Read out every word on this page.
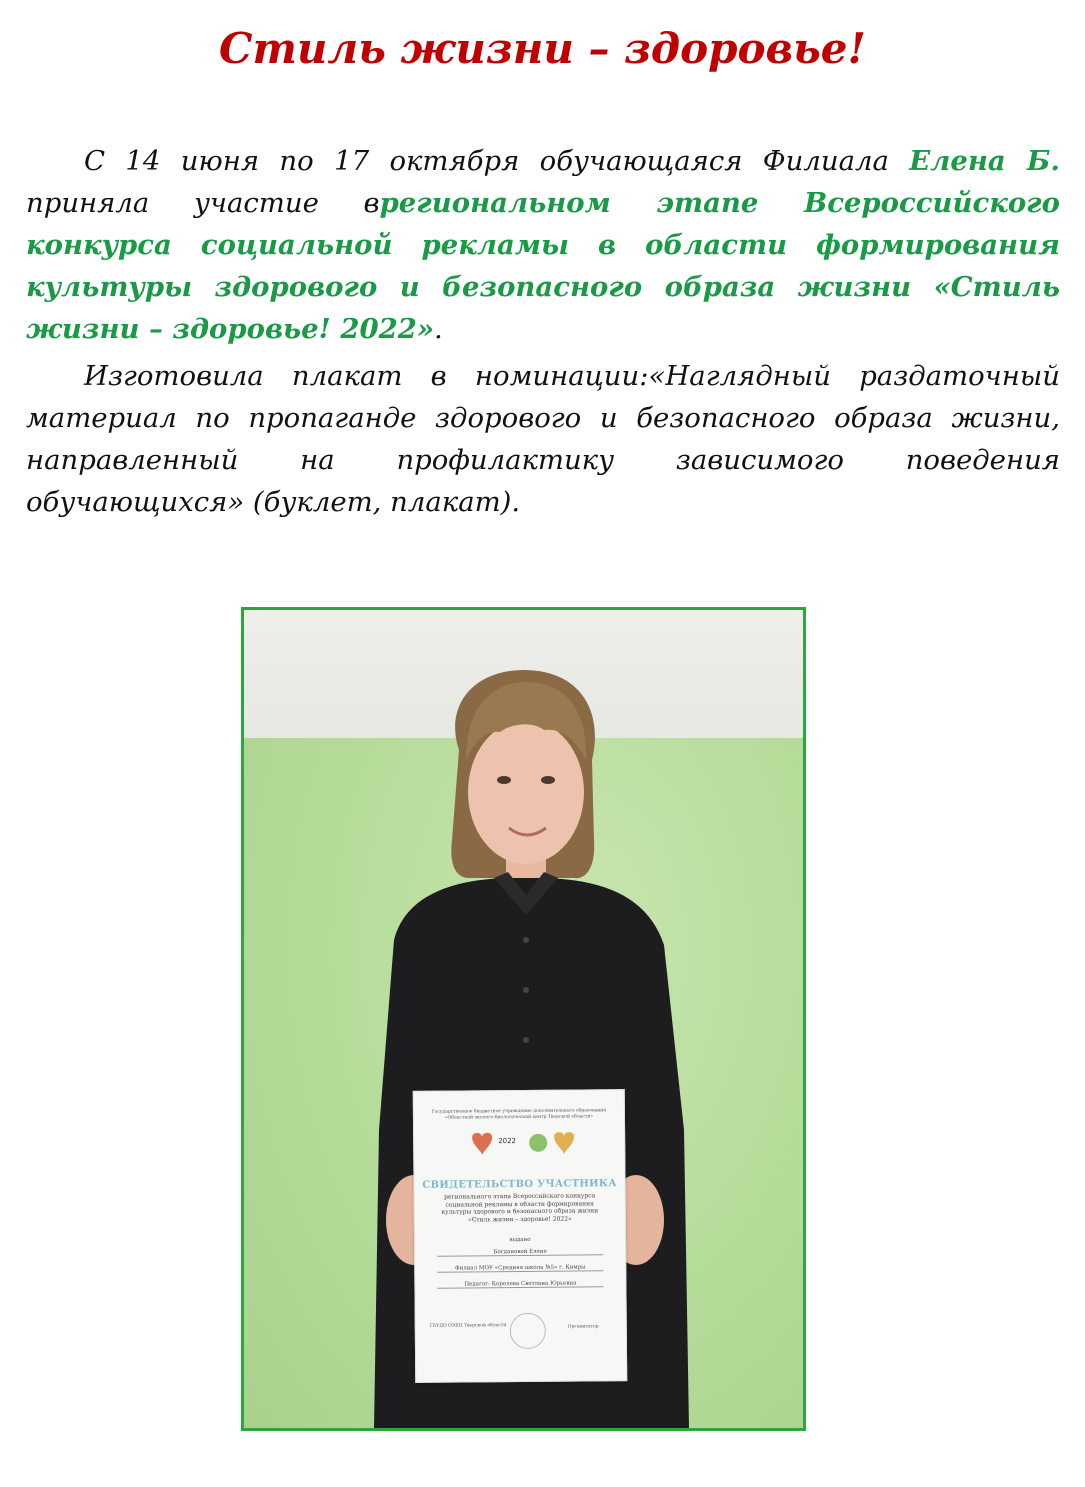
Стиль жизни – здоровье!

С 14 июня по 17 октября обучающаяся Филиала Елена Б. приняла участие врегиональном этапе Всероссийского конкурса социальной рекламы в области формирования культуры здорового и безопасного образа жизни «Стиль жизни – здоровье! 2022».

Изготовила плакат в номинации:«Наглядный раздаточный материал по пропаганде здорового и безопасного образа жизни, направленный на профилактику зависимого поведения обучающихся» (буклет, плакат).

Государственное бюджетное учреждение дополнительного образования «Областной эколого-биологический центр Тверской области»
2022
СВИДЕТЕЛЬСТВО УЧАСТНИКА
регионального этапа Всероссийского конкурса социальной рекламы в области формирования культуры здорового и безопасного образа жизни «Стиль жизни – здоровье! 2022»
выдано
Богдановой Елене
Филиал МОУ «Средняя школа №5» г. Кимры
Педагог: Королева Светлана Юрьевна
ГБУДО ОЭБЦ Тверской области	Организатор
